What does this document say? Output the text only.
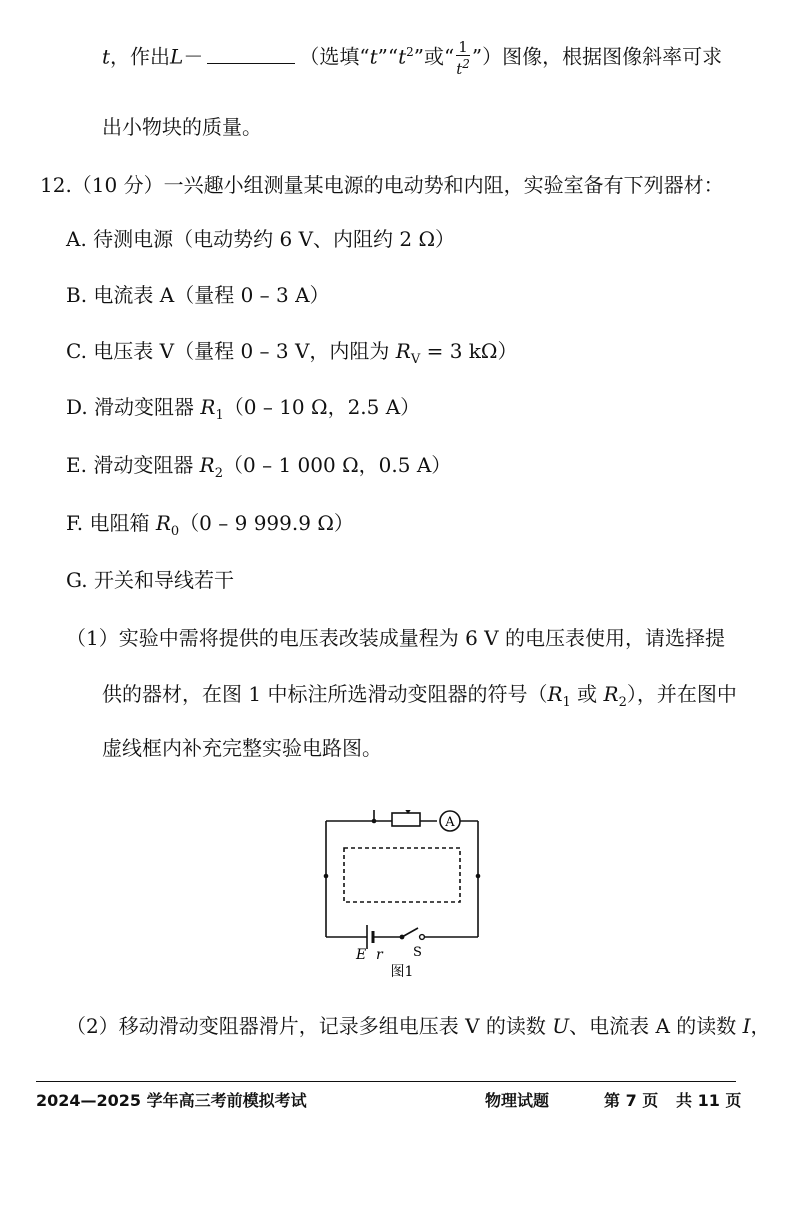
t，作出L－	（选填“$t”“t^2$”或“ $\frac{1}{t^2}$ ”）图像，根据图像斜率可求
出小物块的质量。
12.（10 分）一兴趣小组测量某电源的电动势和内阻，实验室备有下列器材：
A. 待测电源（电动势约 6 V、内阻约 2 Ω）
B. 电流表 A（量程 0 – 3 A）
C. 电压表 V（量程 0 – 3 V，内阻为 $R_V = 3$ kΩ）
D. 滑动变阻器 $R_1(0 - 10$ Ω，2.5 A）
E. 滑动变阻器 $R_2(0 - 1$ 000 Ω，0.5 A）
F. 电阻箱 $R_0(0 - 9$ 999.9 Ω）
G. 开关和导线若干
（1）实验中需将提供的电压表改装成量程为 6 V 的电压表使用，请选择提
供的器材，在图 1 中标注所选滑动变阻器的符号（$R_1$ 或 $R_2$），并在图中
虚线框内补充完整实验电路图。
A
E r S
图1
（2）移动滑动变阻器滑片，记录多组电压表 V 的读数 U、电流表 A 的读数 I，
2024—2025 学年高三考前模拟考试	物理试题	第 7 页 共 11 页
